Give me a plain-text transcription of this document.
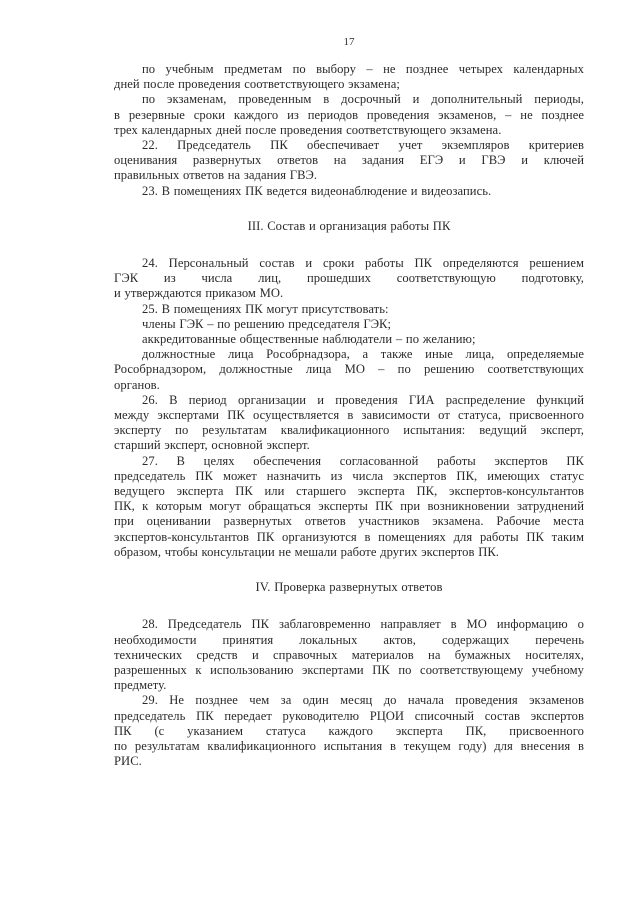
17
по учебным предметам по выбору – не позднее четырех календарных
дней после проведения соответствующего экзамена;
по экзаменам, проведенным в досрочный и дополнительный периоды,
в резервные сроки каждого из периодов проведения экзаменов, – не позднее
трех календарных дней после проведения соответствующего экзамена.
22. Председатель ПК обеспечивает учет экземпляров критериев
оценивания развернутых ответов на задания ЕГЭ и ГВЭ и ключей
правильных ответов на задания ГВЭ.
23. В помещениях ПК ведется видеонаблюдение и видеозапись.
III. Состав и организация работы ПК
24. Персональный состав и сроки работы ПК определяются решением
ГЭК из числа лиц, прошедших соответствующую подготовку,
и утверждаются приказом МО.
25. В помещениях ПК могут присутствовать:
члены ГЭК – по решению председателя ГЭК;
аккредитованные общественные наблюдатели – по желанию;
должностные лица Рособрнадзора, а также иные лица, определяемые
Рособрнадзором, должностные лица МО – по решению соответствующих
органов.
26. В период организации и проведения ГИА распределение функций
между экспертами ПК осуществляется в зависимости от статуса, присвоенного
эксперту по результатам квалификационного испытания: ведущий эксперт,
старший эксперт, основной эксперт.
27. В целях обеспечения согласованной работы экспертов ПК
председатель ПК может назначить из числа экспертов ПК, имеющих статус
ведущего эксперта ПК или старшего эксперта ПК, экспертов-консультантов
ПК, к которым могут обращаться эксперты ПК при возникновении затруднений
при оценивании развернутых ответов участников экзамена. Рабочие места
экспертов-консультантов ПК организуются в помещениях для работы ПК таким
образом, чтобы консультации не мешали работе других экспертов ПК.
IV. Проверка развернутых ответов
28. Председатель ПК заблаговременно направляет в МО информацию о
необходимости принятия локальных актов, содержащих перечень
технических средств и справочных материалов на бумажных носителях,
разрешенных к использованию экспертами ПК по соответствующему учебному
предмету.
29. Не позднее чем за один месяц до начала проведения экзаменов
председатель ПК передает руководителю РЦОИ списочный состав экспертов
ПК (с указанием статуса каждого эксперта ПК, присвоенного
по результатам квалификационного испытания в текущем году) для внесения в
РИС.
